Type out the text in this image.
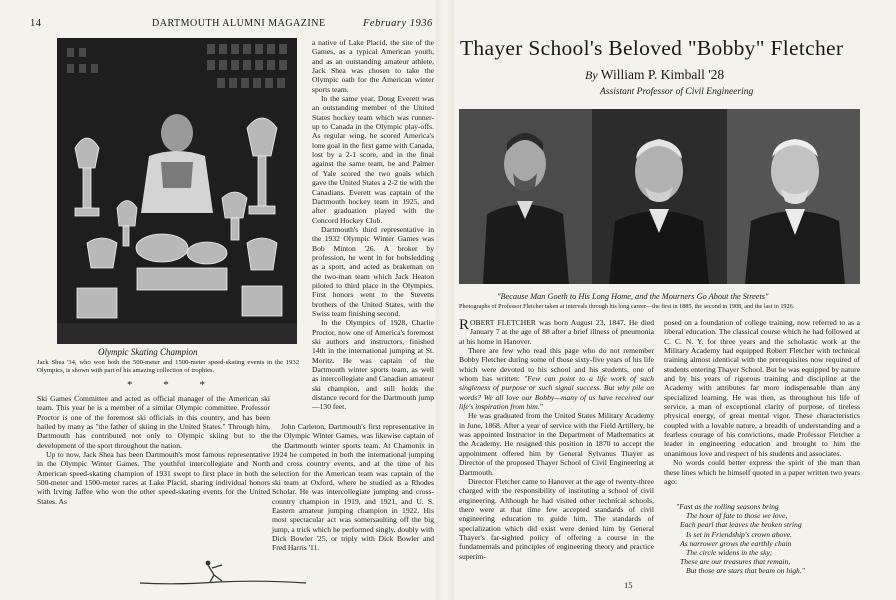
14	DARTMOUTH ALUMNI MAGAZINE	February 1936
Olympic Skating Champion
Jack Shea '34, who won both the 500-meter and 1500-meter speed-skating events in the 1932 Olympics, is shown with part of his amazing collection of trophies.
* * *

Ski Games Committee and acted as official manager of the American ski team. This year he is a member of a similar Olympic committee. Professor Proctor is one of the foremost ski officials in this country, and has been hailed by many as "the father of skiing in the United States." Through him, Dartmouth has contributed not only to Olympic skiing but to the development of the sport throughout the nation.

Up to now, Jack Shea has been Dartmouth's most famous representative in the Olympic Winter Games. The youthful intercollegiate and North American speed-skating champion of 1931 swept to first place in both the 500-meter and 1500-meter races at Lake Placid, sharing individual honors with Irving Jaffee who won the other speed-skating events for the United States. As

a native of Lake Placid, the site of the Games, as a typical American youth, and as an outstanding amateur athlete, Jack Shea was chosen to take the Olympic oath for the American winter sports team.

In the same year, Doug Everett was an outstanding member of the United States hockey team which was runner-up to Canada in the Olympic play-offs. As regular wing, he scored America's lone goal in the first game with Canada, lost by a 2-1 score, and in the final against the same team, he and Palmer of Yale scored the two goals which gave the United States a 2-2 tie with the Canadians. Everett was captain of the Dartmouth hockey team in 1925, and after graduation played with the Concord Hockey Club.

Dartmouth's third representative in the 1932 Olympic Winter Games was Bob Minton '26. A broker by profession, he went in for bobsledding as a sport, and acted as brakeman on the two-man team which Jack Heaton piloted to third place in the Olympics. First honors went to the Stevens brothers of the United States, with the Swiss team finishing second.

In the Olympics of 1928, Charlie Proctor, now one of America's foremost ski authors and instructors, finished 14th in the international jumping at St. Moritz. He was captain of the Dartmouth winter sports team, as well as intercollegiate and Canadian amateur ski champion, and still holds the distance record for the Dartmouth jump—130 feet.

John Carleton, Dartmouth's first representative in the Olympic Winter Games, was likewise captain of the Dartmouth winter sports team. At Chamonix in 1924 he competed in both the international jumping and cross country events, and at the time of his selection for the American team was captain of the ski team at Oxford, where he studied as a Rhodes Scholar. He was intercollegiate jumping and cross-country champion in 1919, and 1921, and U. S. Eastern amateur jumping champion in 1922. His most spectacular act was somersaulting off the big jump, a trick which he performed singly, doubly with Dick Bowler '25, or triply with Dick Bowler and Fred Harris '11.

Thayer School's Beloved "Bobby" Fletcher
By William P. Kimball '28
Assistant Professor of Civil Engineering
"Because Man Goeth to His Long Home, and the Mourners Go About the Streets"
Photographs of Professor Fletcher taken at intervals through his long career—the first in 1885, the second in 1908, and the last in 1926.

ROBERT FLETCHER was born August 23, 1847. He died January 7 at the age of 88 after a brief illness of pneumonia at his home in Hanover.

There are few who read this page who do not remember Bobby Fletcher during some of those sixty-five years of his life which were devoted to his school and his students, one of whom has written: "Few can point to a life work of such singleness of purpose or such signal success. But why pile on words? We all love our Bobby—many of us have received our life's inspiration from him."

He was graduated from the United States Military Academy in June, 1868. After a year of service with the Field Artillery, he was appointed Instructor in the Department of Mathematics at the Academy. He resigned this position in 1870 to accept the appointment offered him by General Sylvanus Thayer as Director of the proposed Thayer School of Civil Engineering at Dartmouth.

Director Fletcher came to Hanover at the age of twenty-three charged with the responsibility of instituting a school of civil engineering. Although he had visited other technical schools, there were at that time few accepted standards of civil engineering education to guide him. The standards of specialization which did exist were denied him by General Thayer's far-sighted policy of offering a course in the fundamentals and principles of engineering theory and practice superim-

posed on a foundation of college training, now referred to as a liberal education. The classical course which he had followed at C. C. N. Y. for three years and the scholastic work at the Military Academy had equipped Robert Fletcher with technical training almost identical with the prerequisites now required of students entering Thayer School. But he was equipped by nature and by his years of rigorous training and discipline at the Academy with attributes far more indispensable than any specialized learning. He was then, as throughout his life of service, a man of exceptional clarity of purpose, of tireless physical energy, of great mental vigor. These characteristics coupled with a lovable nature, a breadth of understanding and a fearless courage of his convictions, made Professor Fletcher a leader in engineering education and brought to him the unanimous love and respect of his students and associates.

No words could better express the spirit of the man than these lines which he himself quoted in a paper written two years ago:

"Fast as the rolling seasons bring
The hour of fate to those we love,
Each pearl that leaves the broken string
Is set in Friendship's crown above.
As narrower grows the earthly chain
The circle widens in the sky;
These are our treasures that remain,
But those are stars that beam on high."
15
